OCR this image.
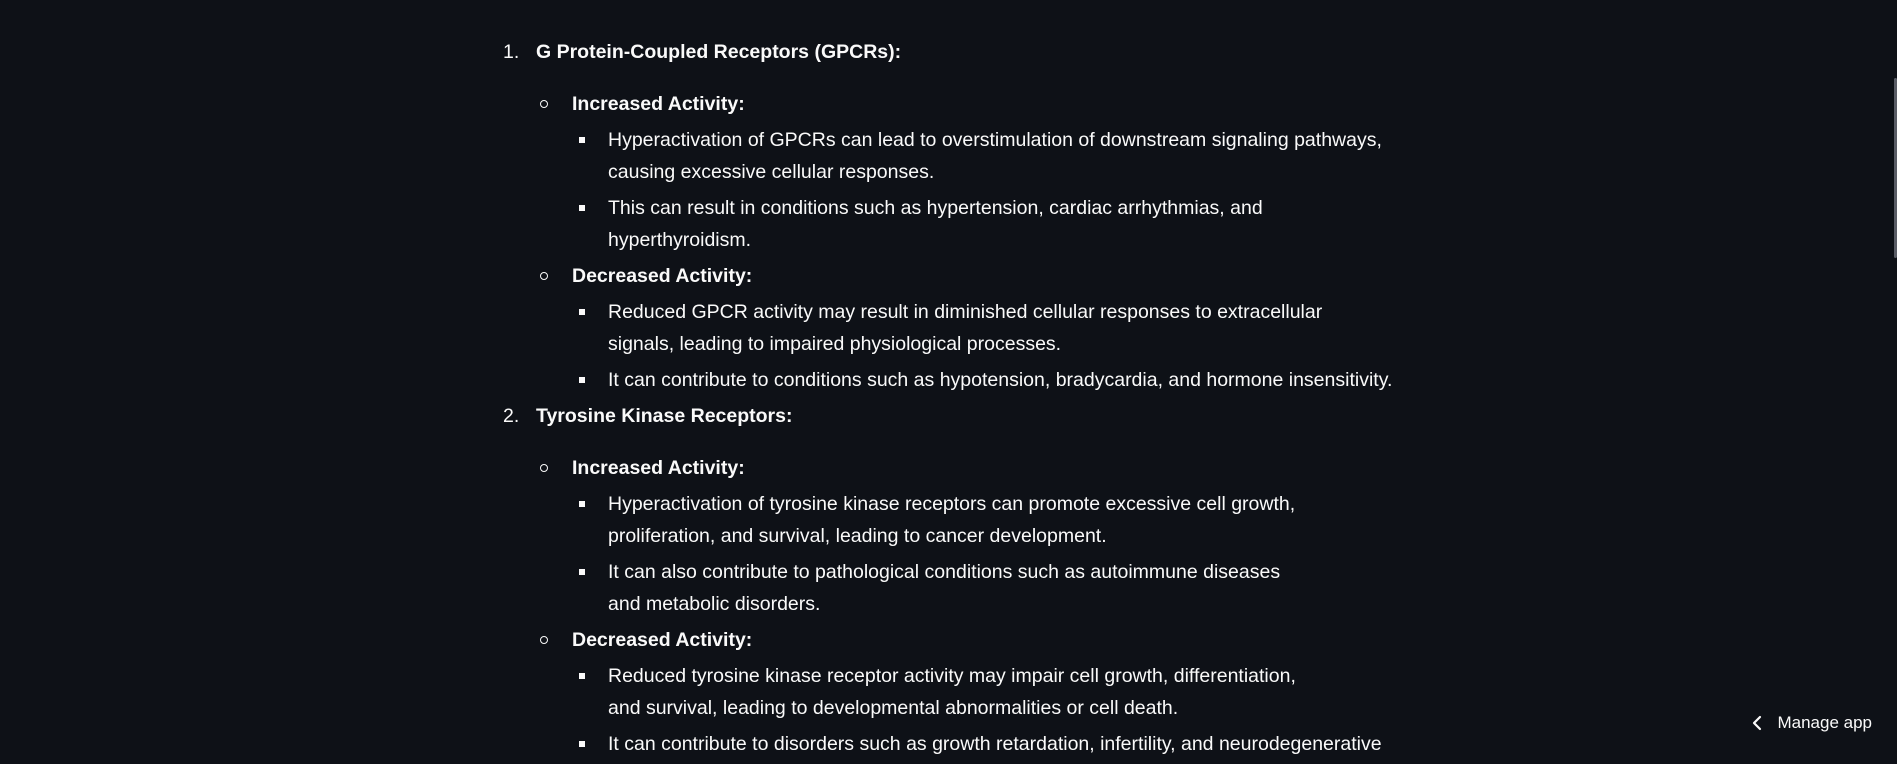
1. G Protein-Coupled Receptors (GPCRs):
Increased Activity:
Hyperactivation of GPCRs can lead to overstimulation of downstream signaling pathways, causing excessive cellular responses.
This can result in conditions such as hypertension, cardiac arrhythmias, and hyperthyroidism.
Decreased Activity:
Reduced GPCR activity may result in diminished cellular responses to extracellular signals, leading to impaired physiological processes.
It can contribute to conditions such as hypotension, bradycardia, and hormone insensitivity.
2. Tyrosine Kinase Receptors:
Increased Activity:
Hyperactivation of tyrosine kinase receptors can promote excessive cell growth, proliferation, and survival, leading to cancer development.
It can also contribute to pathological conditions such as autoimmune diseases and metabolic disorders.
Decreased Activity:
Reduced tyrosine kinase receptor activity may impair cell growth, differentiation, and survival, leading to developmental abnormalities or cell death.
It can contribute to disorders such as growth retardation, infertility, and neurodegenerative
Manage app
